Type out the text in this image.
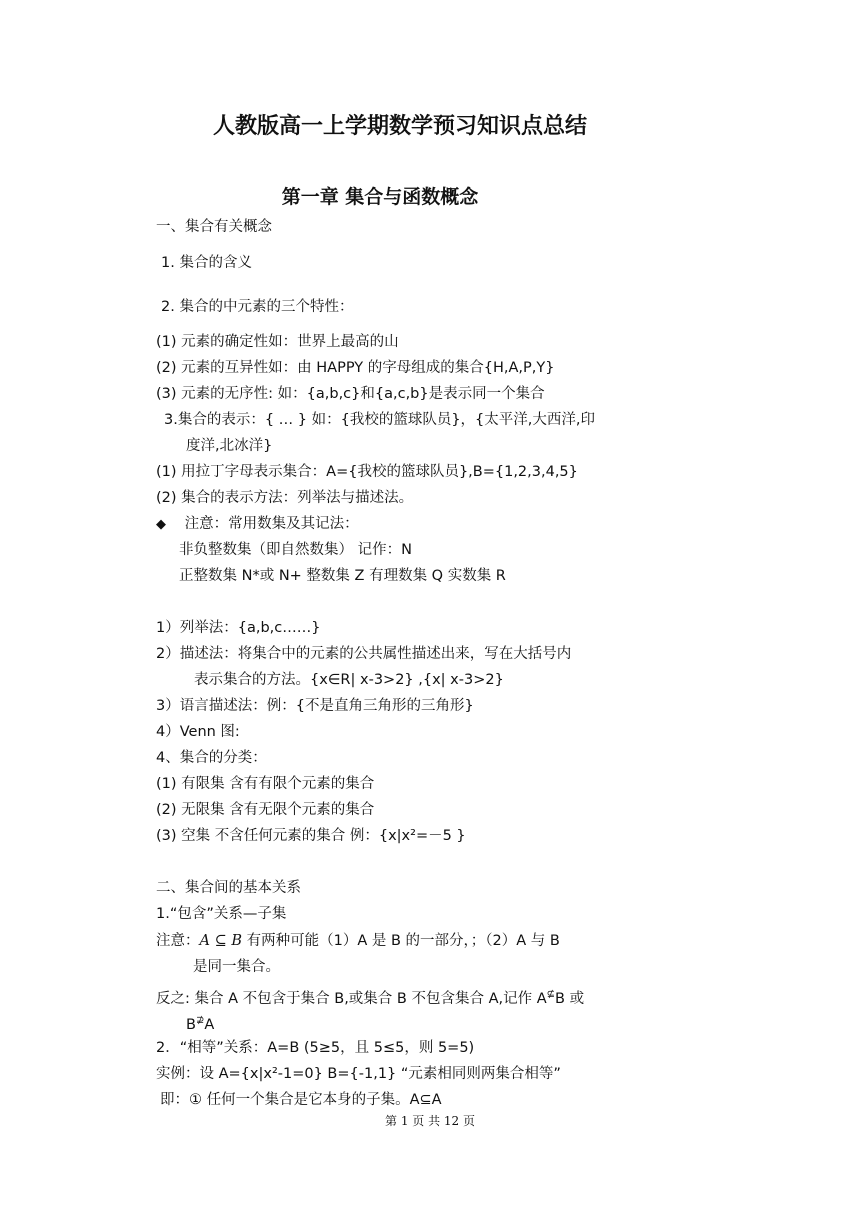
人教版高一上学期数学预习知识点总结
第一章 集合与函数概念
一、集合有关概念
1. 集合的含义
2. 集合的中元素的三个特性：
(1) 元素的确定性如：世界上最高的山
(2) 元素的互异性如：由 HAPPY 的字母组成的集合{H,A,P,Y}
(3) 元素的无序性: 如：{a,b,c}和{a,c,b}是表示同一个集合
3.集合的表示：{ … } 如：{我校的篮球队员}，{太平洋,大西洋,印
度洋,北冰洋}
(1) 用拉丁字母表示集合：A={我校的篮球队员},B={1,2,3,4,5}
(2) 集合的表示方法：列举法与描述法。
◆ 注意：常用数集及其记法：
非负整数集（即自然数集） 记作：N
正整数集 N*或 N+ 整数集 Z 有理数集 Q 实数集 R
1）列举法：{a,b,c……}
2）描述法：将集合中的元素的公共属性描述出来，写在大括号内
表示集合的方法。{x∈R| x-3>2} ,{x| x-3>2}
3）语言描述法：例：{不是直角三角形的三角形}
4）Venn 图:
4、集合的分类：
(1) 有限集 含有有限个元素的集合
(2) 无限集 含有无限个元素的集合
(3) 空集 不含任何元素的集合 例：{x|x²=－5 }
二、集合间的基本关系
1.“包含”关系—子集
注意：A ⊆ B 有两种可能（1）A 是 B 的一部分，；（2）A 与 B
是同一集合。
反之: 集合 A 不包含于集合 B,或集合 B 不包含集合 A,记作 A⊈B 或
B⊉A
2．“相等”关系：A=B (5≥5，且 5≤5，则 5=5)
实例：设 A={x|x²-1=0} B={-1,1} “元素相同则两集合相等”
即：① 任何一个集合是它本身的子集。A⊆A
第 1 页 共 12 页
